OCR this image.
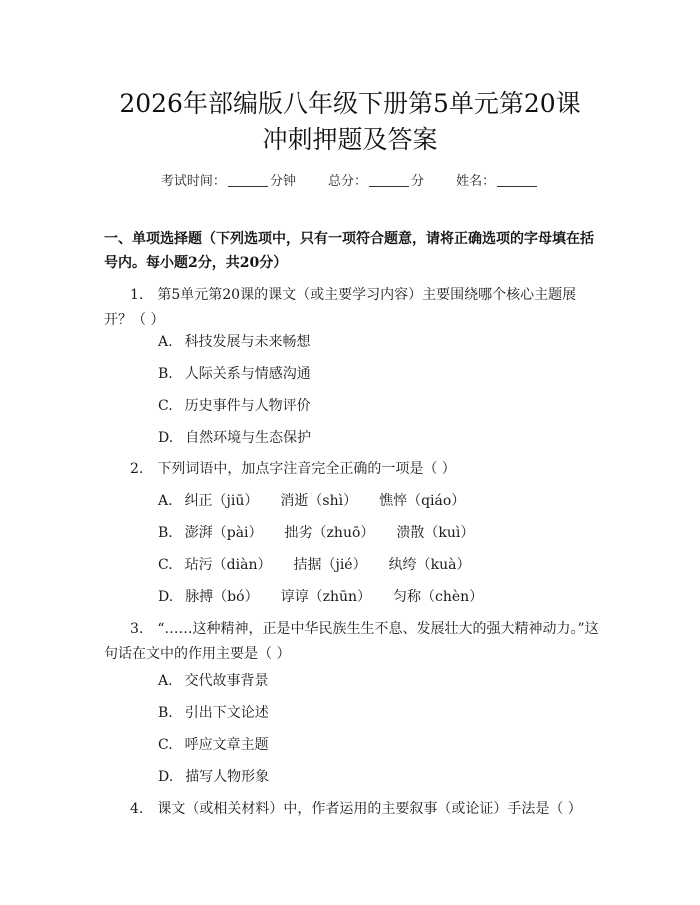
2026年部编版八年级下册第5单元第20课
冲刺押题及答案
考试时间：	分钟 总分：	分 姓名：
一、单项选择题（下列选项中，只有一项符合题意，请将正确选项的字母填在括号内。每小题2分，共20分）
1. 第5单元第20课的课文（或主要学习内容）主要围绕哪个核心主题展开？（ ）
A. 科技发展与未来畅想
B. 人际关系与情感沟通
C. 历史事件与人物评价
D. 自然环境与生态保护
2. 下列词语中，加点字注音完全正确的一项是（ ）
A. 纠正（jiū） 消逝（shì） 憔悴（qiáo）
B. 澎湃（pài） 拙劣（zhuō） 溃散（kuì）
C. 玷污（diàn） 拮据（jié） 纨绔（kuà）
D. 脉搏（bó） 谆谆（zhūn） 匀称（chèn）
3. “……这种精神，正是中华民族生生不息、发展壮大的强大精神动力。”这句话在文中的作用主要是（ ）
A. 交代故事背景
B. 引出下文论述
C. 呼应文章主题
D. 描写人物形象
4. 课文（或相关材料）中，作者运用的主要叙事（或论证）手法是（ ）
